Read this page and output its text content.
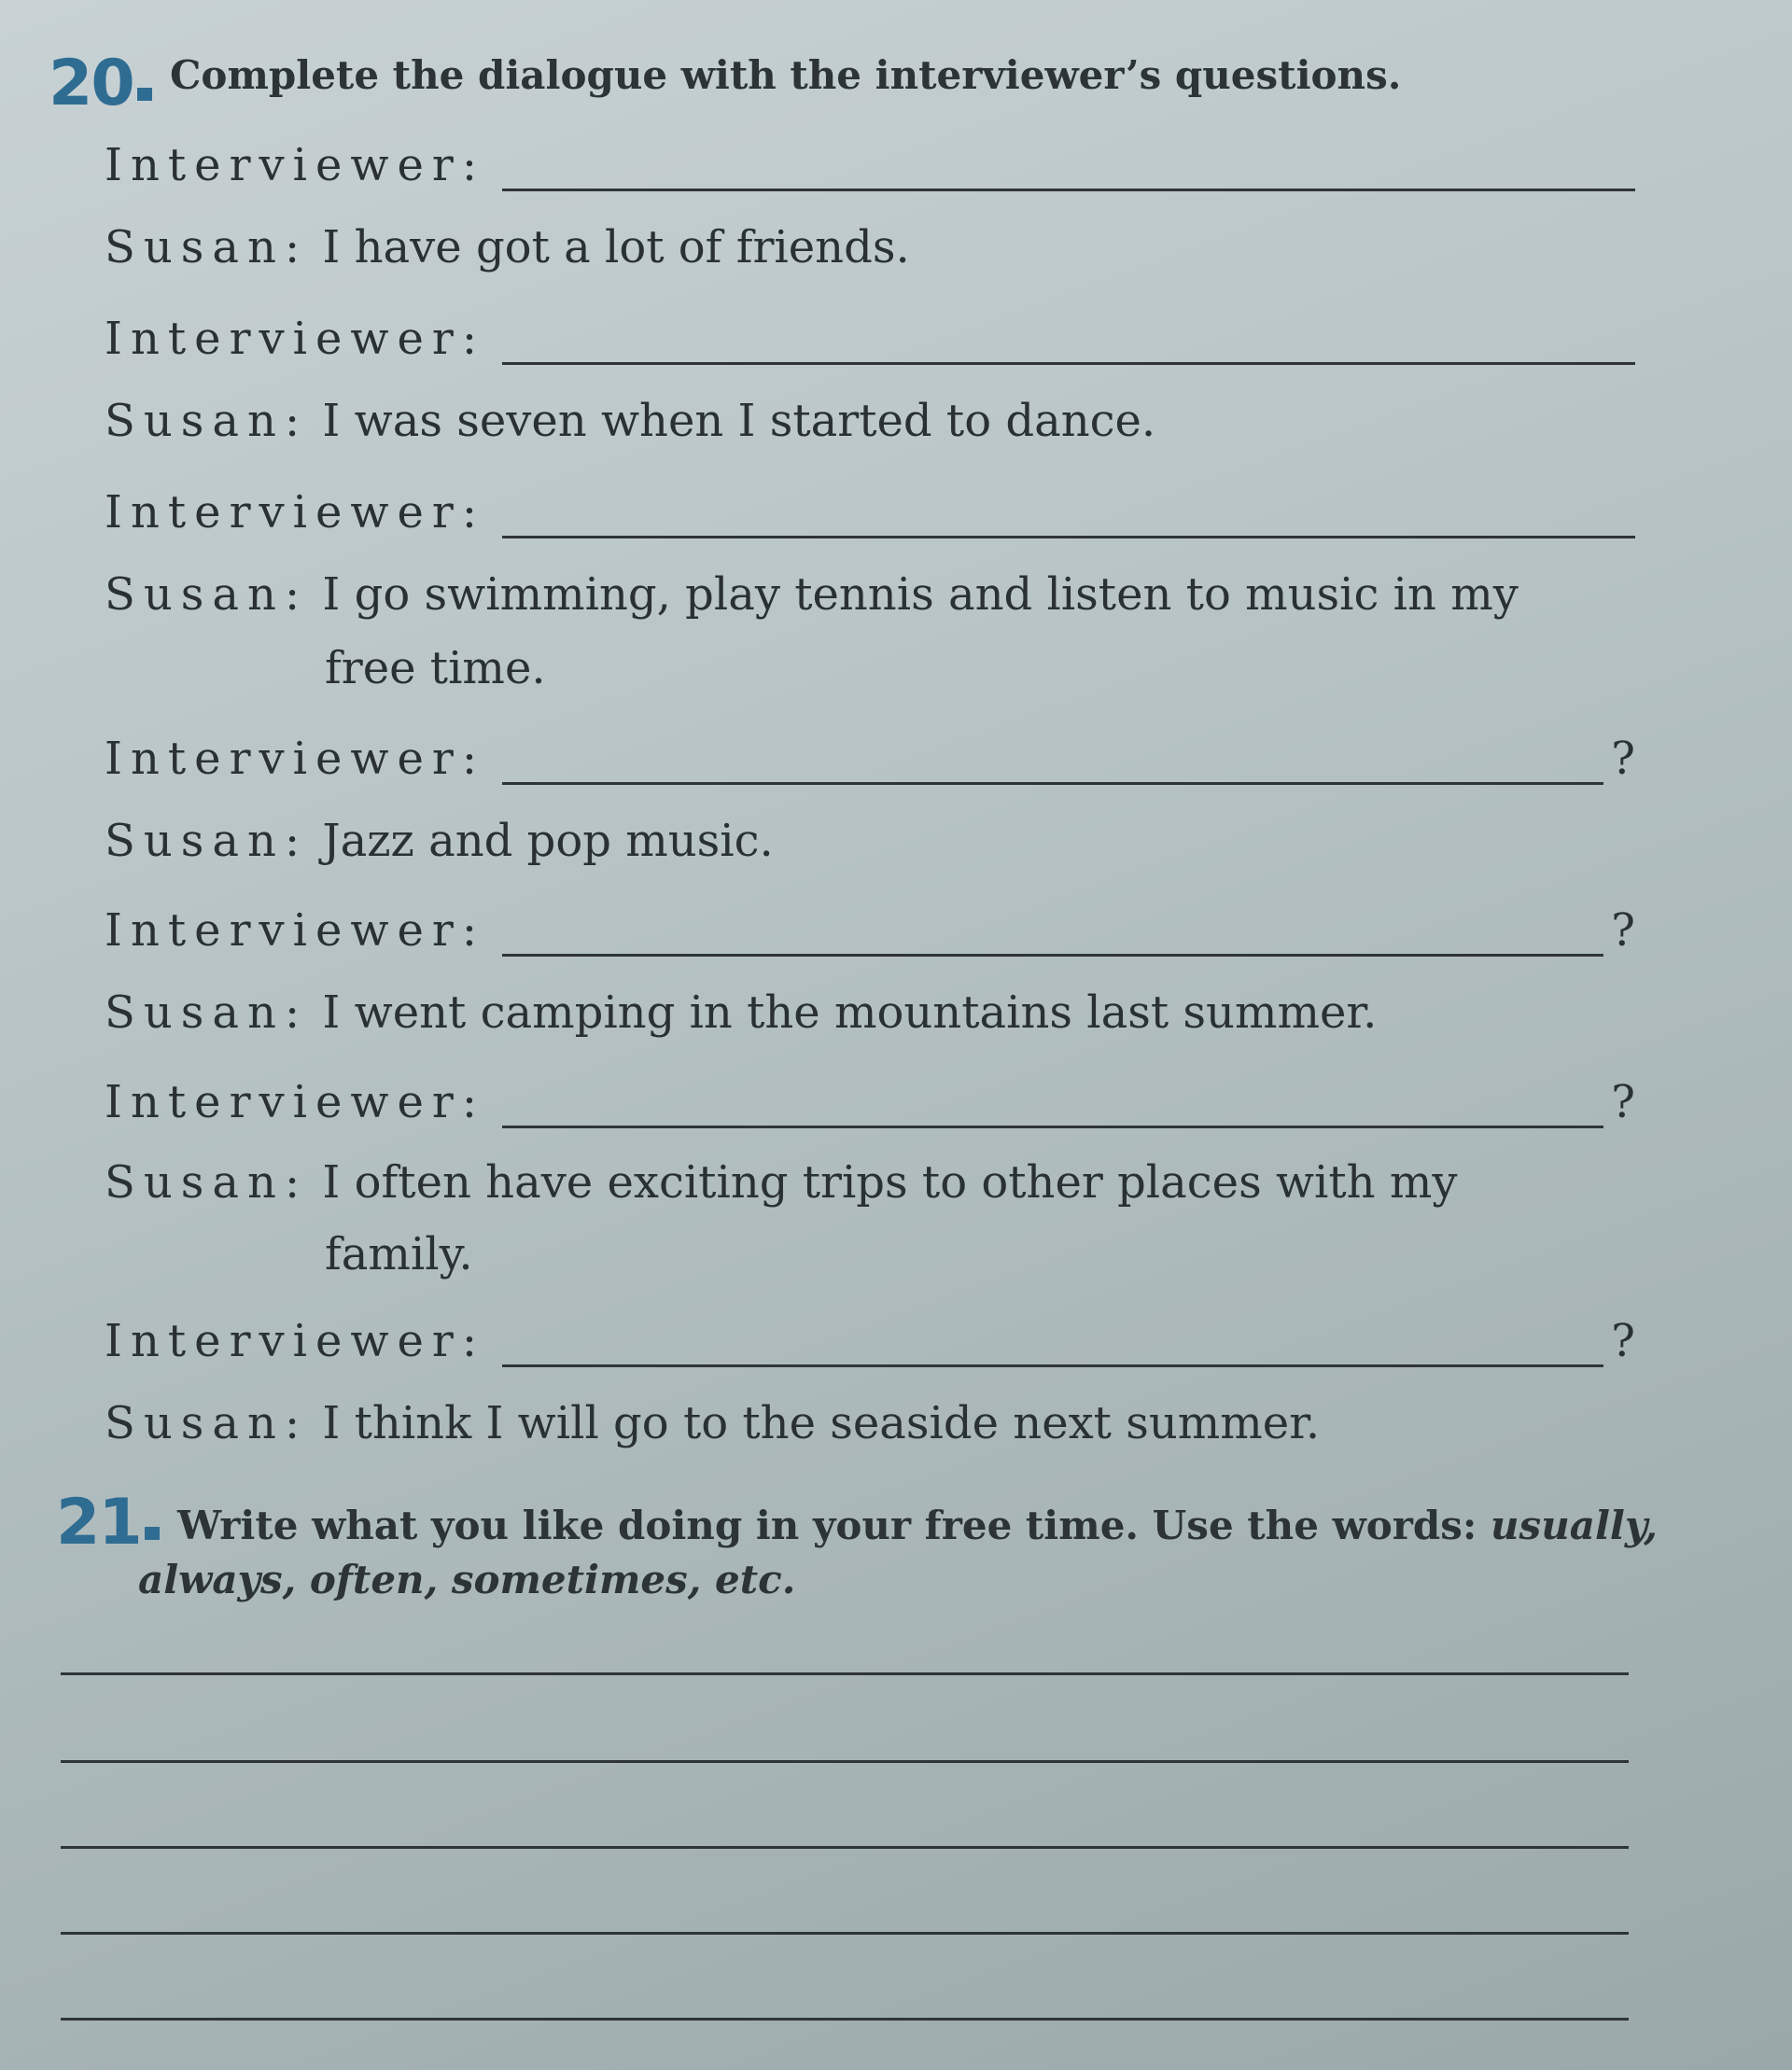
20 Complete the dialogue with the interviewer’s questions.
Interviewer:
Susan: I have got a lot of friends.
Interviewer:
Susan: I was seven when I started to dance.
Interviewer:
Susan: I go swimming, play tennis and listen to music in my
free time.
Interviewer:	?
Susan: Jazz and pop music.
Interviewer:	?
Susan: I went camping in the mountains last summer.
Interviewer:	?
Susan: I often have exciting trips to other places with my
family.
Interviewer:	?
Susan: I think I will go to the seaside next summer.
21 Write what you like doing in your free time. Use the words: usually,
always, often, sometimes, etc.
